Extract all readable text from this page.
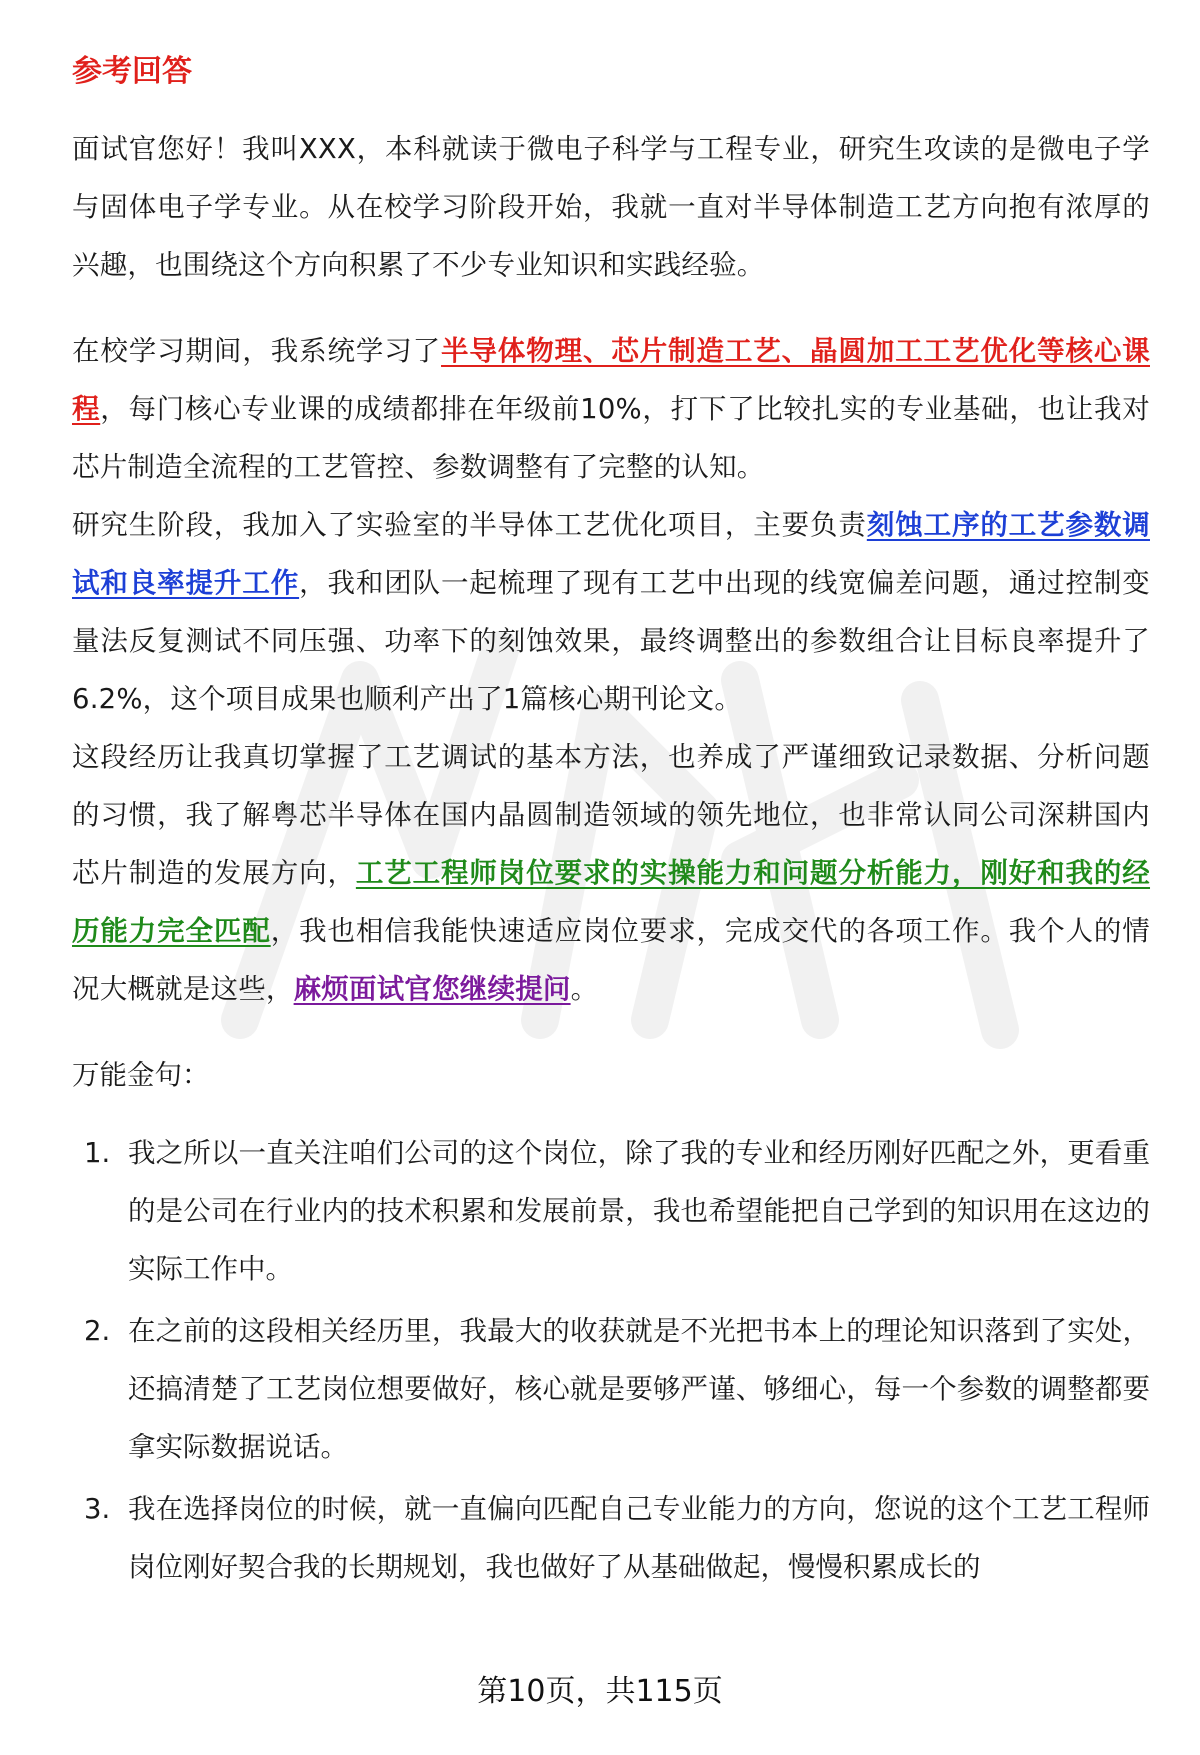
参考回答

面试官您好！我叫XXX，本科就读于微电子科学与工程专业，研究生攻读的是微电子学与固体电子学专业。从在校学习阶段开始，我就一直对半导体制造工艺方向抱有浓厚的兴趣，也围绕这个方向积累了不少专业知识和实践经验。

在校学习期间，我系统学习了半导体物理、芯片制造工艺、晶圆加工工艺优化等核心课程，每门核心专业课的成绩都排在年级前10%，打下了比较扎实的专业基础，也让我对芯片制造全流程的工艺管控、参数调整有了完整的认知。

研究生阶段，我加入了实验室的半导体工艺优化项目，主要负责刻蚀工序的工艺参数调试和良率提升工作，我和团队一起梳理了现有工艺中出现的线宽偏差问题，通过控制变量法反复测试不同压强、功率下的刻蚀效果，最终调整出的参数组合让目标良率提升了6.2%，这个项目成果也顺利产出了1篇核心期刊论文。

这段经历让我真切掌握了工艺调试的基本方法，也养成了严谨细致记录数据、分析问题的习惯，我了解粤芯半导体在国内晶圆制造领域的领先地位，也非常认同公司深耕国内芯片制造的发展方向，工艺工程师岗位要求的实操能力和问题分析能力，刚好和我的经历能力完全匹配，我也相信我能快速适应岗位要求，完成交代的各项工作。我个人的情况大概就是这些，麻烦面试官您继续提问。

万能金句：

1. 我之所以一直关注咱们公司的这个岗位，除了我的专业和经历刚好匹配之外，更看重的是公司在行业内的技术积累和发展前景，我也希望能把自己学到的知识用在这边的实际工作中。
2. 在之前的这段相关经历里，我最大的收获就是不光把书本上的理论知识落到了实处，还搞清楚了工艺岗位想要做好，核心就是要够严谨、够细心，每一个参数的调整都要拿实际数据说话。
3. 我在选择岗位的时候，就一直偏向匹配自己专业能力的方向，您说的这个工艺工程师岗位刚好契合我的长期规划，我也做好了从基础做起，慢慢积累成长的
第10页，共115页
